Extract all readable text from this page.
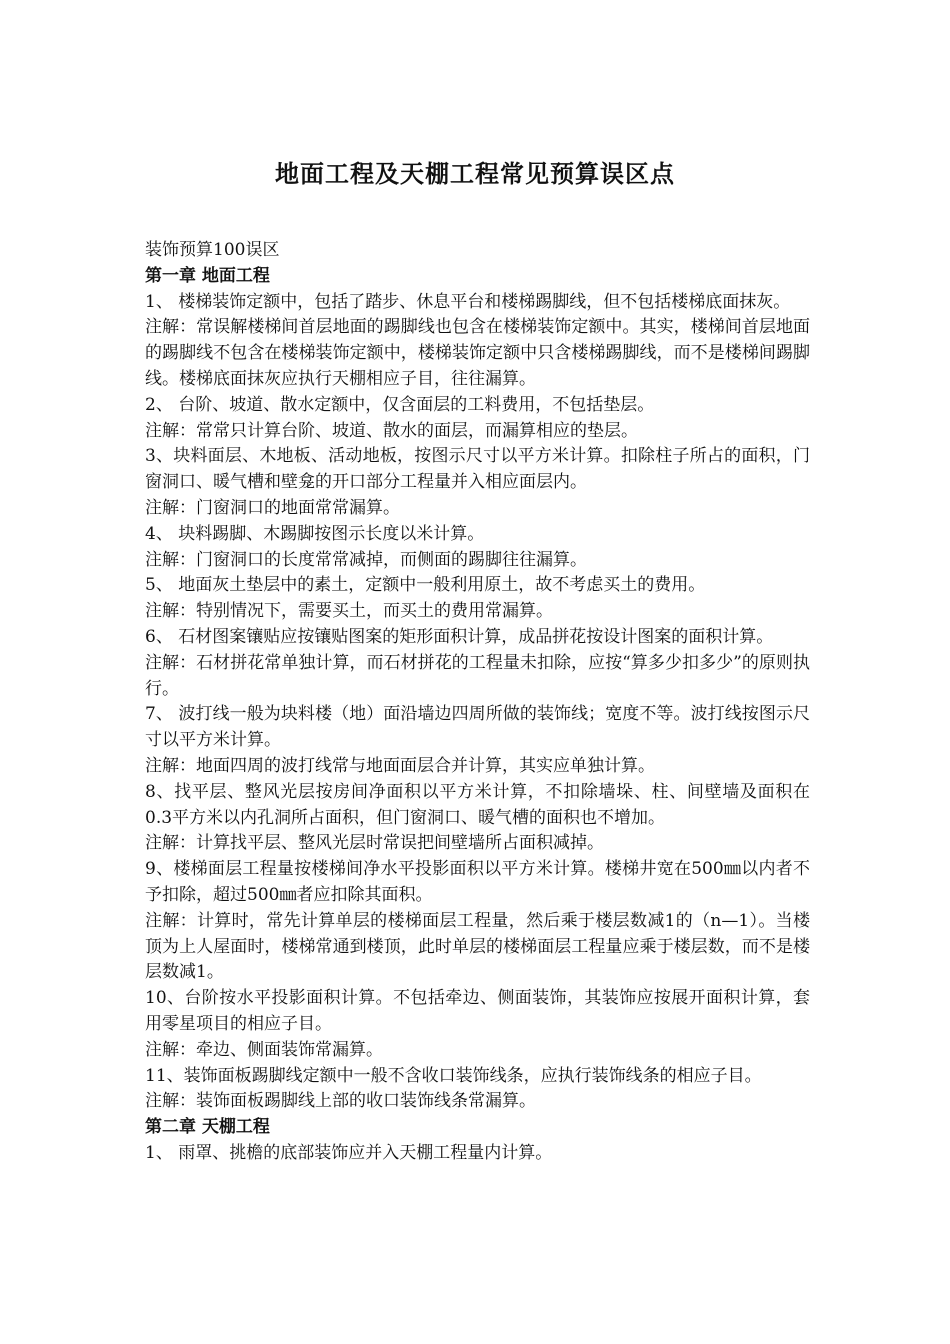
地面工程及天棚工程常见预算误区点

装饰预算100误区

第一章 地面工程

1、 楼梯装饰定额中，包括了踏步、休息平台和楼梯踢脚线，但不包括楼梯底面抹灰。

注解：常误解楼梯间首层地面的踢脚线也包含在楼梯装饰定额中。其实，楼梯间首层地面的踢脚线不包含在楼梯装饰定额中，楼梯装饰定额中只含楼梯踢脚线，而不是楼梯间踢脚线。楼梯底面抹灰应执行天棚相应子目，往往漏算。

2、 台阶、坡道、散水定额中，仅含面层的工料费用，不包括垫层。

注解：常常只计算台阶、坡道、散水的面层，而漏算相应的垫层。

3、块料面层、木地板、活动地板，按图示尺寸以平方米计算。扣除柱子所占的面积，门窗洞口、暖气槽和壁龛的开口部分工程量并入相应面层内。

注解：门窗洞口的地面常常漏算。

4、 块料踢脚、木踢脚按图示长度以米计算。

注解：门窗洞口的长度常常减掉，而侧面的踢脚往往漏算。

5、 地面灰土垫层中的素土，定额中一般利用原土，故不考虑买土的费用。

注解：特别情况下，需要买土，而买土的费用常漏算。

6、 石材图案镶贴应按镶贴图案的矩形面积计算，成品拼花按设计图案的面积计算。

注解：石材拼花常单独计算，而石材拼花的工程量未扣除，应按“算多少扣多少”的原则执行。

7、 波打线一般为块料楼（地）面沿墙边四周所做的装饰线；宽度不等。波打线按图示尺寸以平方米计算。

注解：地面四周的波打线常与地面面层合并计算，其实应单独计算。

8、找平层、整风光层按房间净面积以平方米计算，不扣除墙垛、柱、间壁墙及面积在0.3平方米以内孔洞所占面积，但门窗洞口、暖气槽的面积也不增加。

注解：计算找平层、整风光层时常误把间壁墙所占面积减掉。

9、楼梯面层工程量按楼梯间净水平投影面积以平方米计算。楼梯井宽在500㎜以内者不予扣除，超过500㎜者应扣除其面积。

注解：计算时，常先计算单层的楼梯面层工程量，然后乘于楼层数减1的（n—1）。当楼顶为上人屋面时，楼梯常通到楼顶，此时单层的楼梯面层工程量应乘于楼层数，而不是楼层数减1。

10、台阶按水平投影面积计算。不包括牵边、侧面装饰，其装饰应按展开面积计算，套用零星项目的相应子目。

注解：牵边、侧面装饰常漏算。

11、装饰面板踢脚线定额中一般不含收口装饰线条，应执行装饰线条的相应子目。

注解：装饰面板踢脚线上部的收口装饰线条常漏算。

第二章 天棚工程

1、 雨罩、挑檐的底部装饰应并入天棚工程量内计算。
